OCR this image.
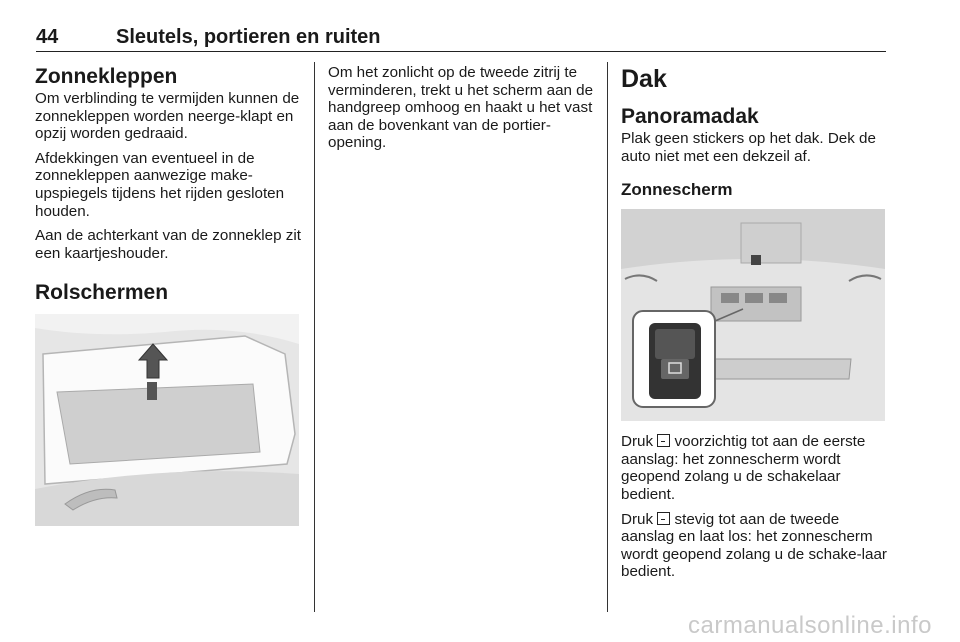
44	Sleutels, portieren en ruiten
Zonnekleppen

Om verblinding te vermijden kunnen de zonnekleppen worden neerge-klapt en opzij worden gedraaid.

Afdekkingen van eventueel in de zonnekleppen aanwezige make-upspiegels tijdens het rijden gesloten houden.

Aan de achterkant van de zonneklep zit een kaartjeshouder.

Rolschermen

Om het zonlicht op de tweede zitrij te verminderen, trekt u het scherm aan de handgreep omhoog en haakt u het vast aan de bovenkant van de portier-opening.

Dak
Panoramadak

Plak geen stickers op het dak. Dek de auto niet met een dekzeil af.

Zonnescherm

Druk voorzichtig tot aan de eerste aanslag: het zonnescherm wordt geopend zolang u de schakelaar bedient.

Druk stevig tot aan de tweede aanslag en laat los: het zonnescherm wordt geopend zolang u de schake-laar bedient.

carmanualsonline.info
